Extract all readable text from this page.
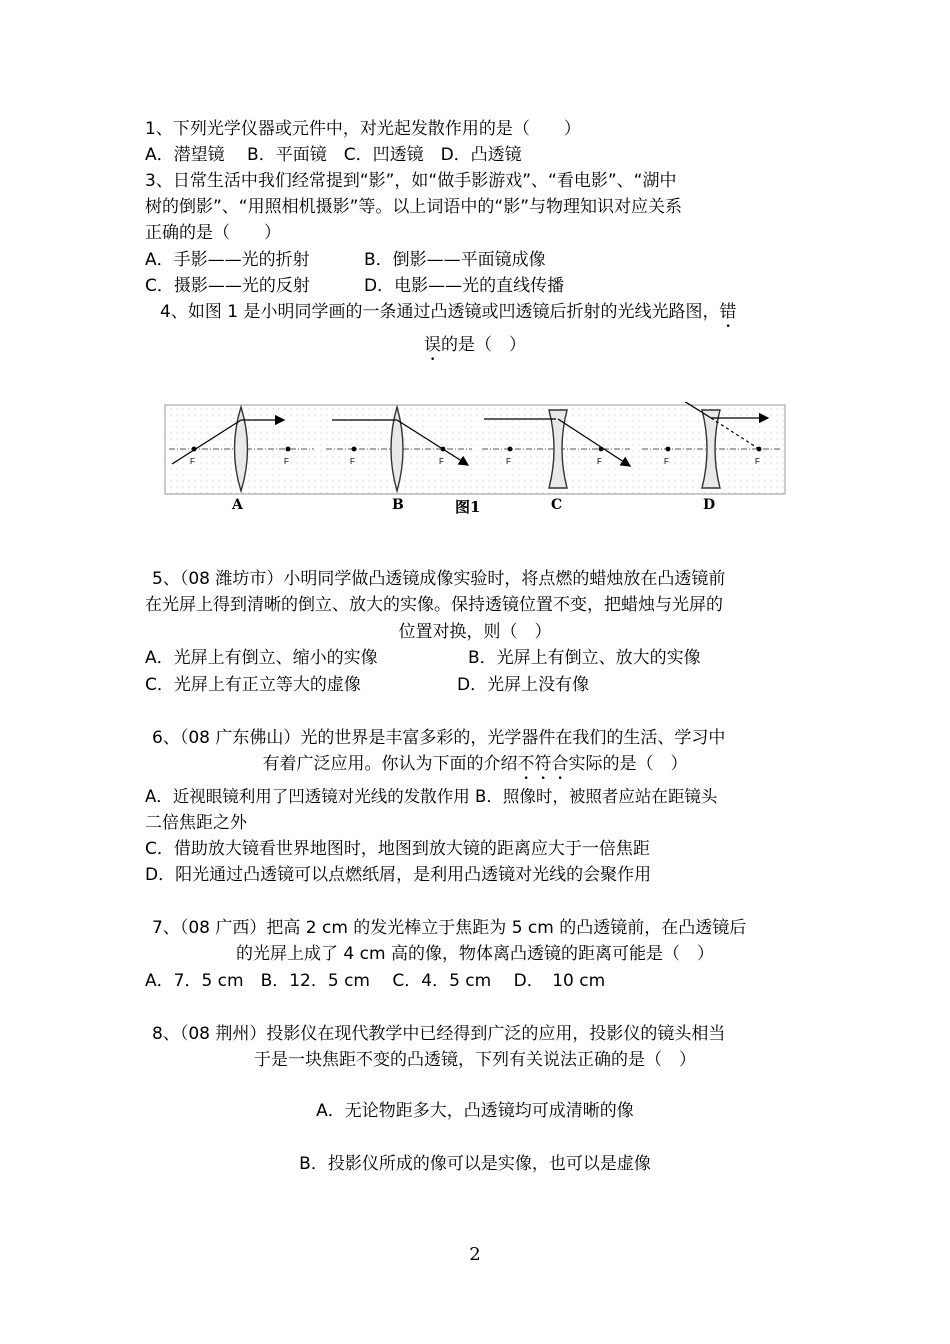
1、下列光学仪器或元件中，对光起发散作用的是（　　）
A．潜望镜　 B．平面镜　C．凹透镜　D．凸透镜
3、日常生活中我们经常提到“影”，如“做手影游戏”、“看电影”、“湖中
树的倒影”、“用照相机摄影”等。以上词语中的“影”与物理知识对应关系
正确的是（　　）
A．手影——光的折射	B．倒影——平面镜成像
C．摄影——光的反射	D．电影——光的直线传播
4、如图 1 是小明同学画的一条通过凸透镜或凹透镜后折射的光线光路图，错
误的是（　）
F	F	F	F	F	F	F	F
A	B	图1	C	D
5、（08 潍坊市）小明同学做凸透镜成像实验时，将点燃的蜡烛放在凸透镜前
在光屏上得到清晰的倒立、放大的实像。保持透镜位置不变，把蜡烛与光屏的
位置对换，则（　）
A．光屏上有倒立、缩小的实像	B．光屏上有倒立、放大的实像
C．光屏上有正立等大的虚像	D．光屏上没有像
6、（08 广东佛山）光的世界是丰富多彩的，光学器件在我们的生活、学习中
有着广泛应用。你认为下面的介绍不符合实际的是（　）
A．近视眼镜利用了凹透镜对光线的发散作用 B．照像时，被照者应站在距镜头
二倍焦距之外
C．借助放大镜看世界地图时，地图到放大镜的距离应大于一倍焦距
D．阳光通过凸透镜可以点燃纸屑，是利用凸透镜对光线的会聚作用
7、（08 广西）把高 2 cm 的发光棒立于焦距为 5 cm 的凸透镜前，在凸透镜后
的光屏上成了 4 cm 高的像，物体离凸透镜的距离可能是（　）
A．7．5 cm　B．12．5 cm　 C．4．5 cm　 D．　10 cm
8、（08 荆州）投影仪在现代教学中已经得到广泛的应用，投影仪的镜头相当
于是一块焦距不变的凸透镜，下列有关说法正确的是（　）
A．无论物距多大，凸透镜均可成清晰的像
B．投影仪所成的像可以是实像，也可以是虚像
2
